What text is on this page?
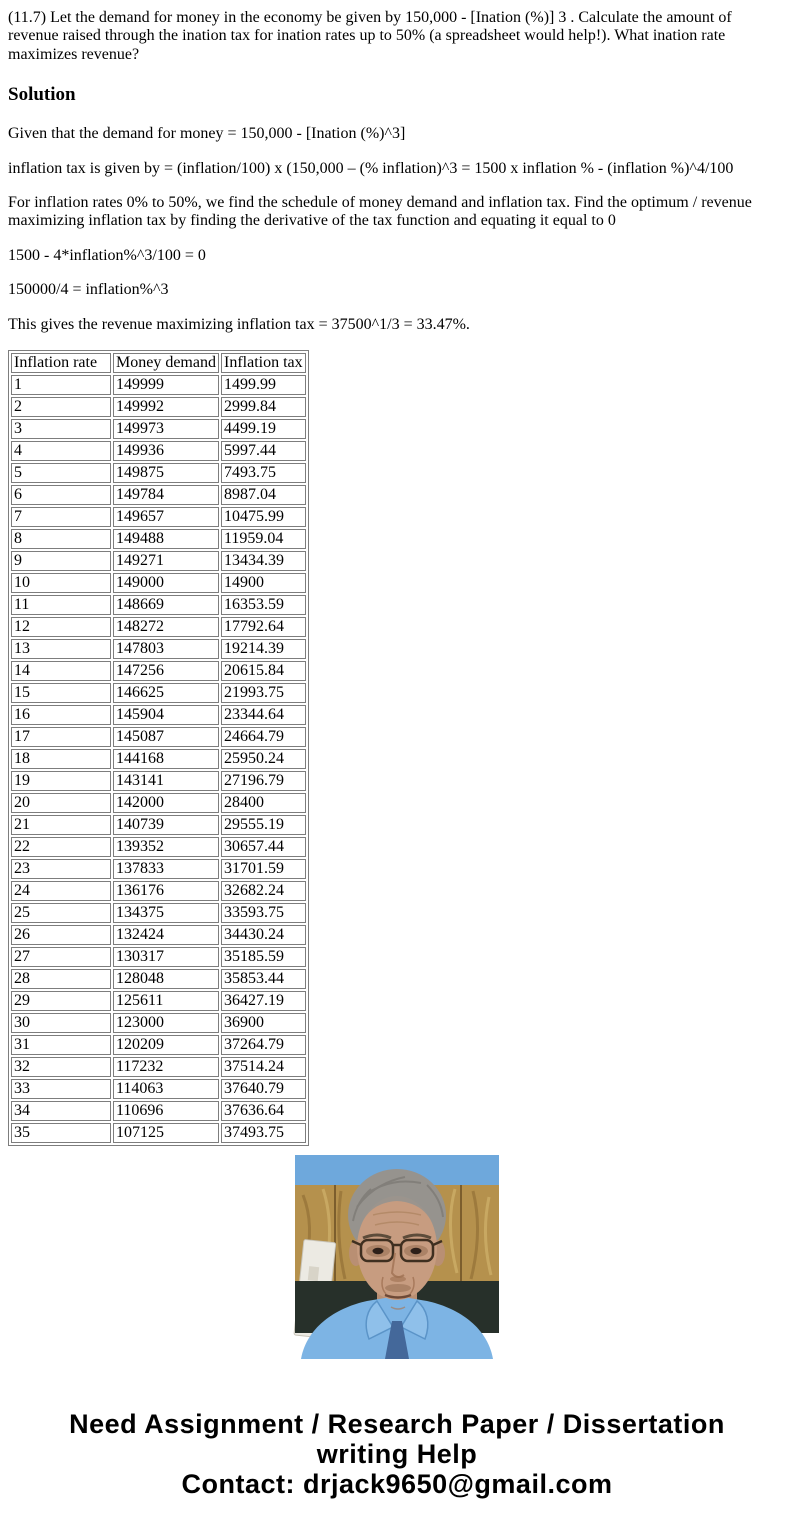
(11.7) Let the demand for money in the economy be given by 150,000 - [Ination (%)] 3 . Calculate the amount of revenue raised through the ination tax for ination rates up to 50% (a spreadsheet would help!). What ination rate maximizes revenue?

Solution

Given that the demand for money = 150,000 - [Ination (%)^3]

inflation tax is given by = (inflation/100) x (150,000 – (% inflation)^3 = 1500 x inflation % - (inflation %)^4/100

For inflation rates 0% to 50%, we find the schedule of money demand and inflation tax. Find the optimum / revenue maximizing inflation tax by finding the derivative of the tax function and equating it equal to 0

1500 - 4*inflation%^3/100 = 0

150000/4 = inflation%^3

This gives the revenue maximizing inflation tax = 37500^1/3 = 33.47%.

Inflation rate	Money demand	Inflation tax
1	149999	1499.99
2	149992	2999.84
3	149973	4499.19
4	149936	5997.44
5	149875	7493.75
6	149784	8987.04
7	149657	10475.99
8	149488	11959.04
9	149271	13434.39
10	149000	14900
11	148669	16353.59
12	148272	17792.64
13	147803	19214.39
14	147256	20615.84
15	146625	21993.75
16	145904	23344.64
17	145087	24664.79
18	144168	25950.24
19	143141	27196.79
20	142000	28400
21	140739	29555.19
22	139352	30657.44
23	137833	31701.59
24	136176	32682.24
25	134375	33593.75
26	132424	34430.24
27	130317	35185.59
28	128048	35853.44
29	125611	36427.19
30	123000	36900
31	120209	37264.79
32	117232	37514.24
33	114063	37640.79
34	110696	37636.64
35	107125	37493.75
Need Assignment / Research Paper / Dissertation
writing Help
Contact: drjack9650@gmail.com
